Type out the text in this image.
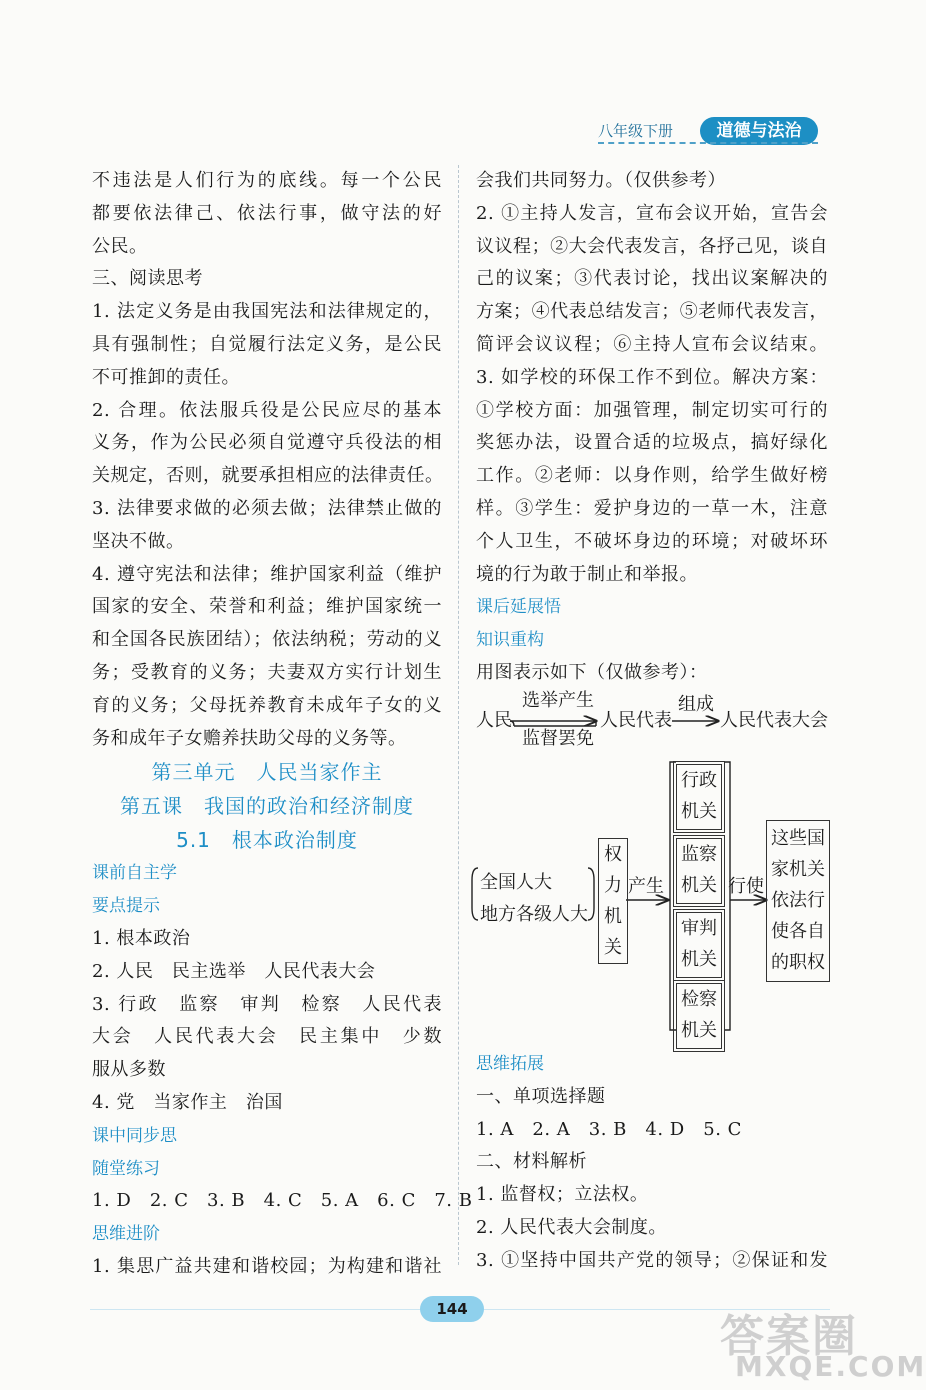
八年级下册	道德与法治
不违法是人们行为的底线。每一个公民
都要依法律己、依法行事，做守法的好
公民。
三、阅读思考
1. 法定义务是由我国宪法和法律规定的，
具有强制性；自觉履行法定义务，是公民
不可推卸的责任。
2. 合理。依法服兵役是公民应尽的基本
义务，作为公民必须自觉遵守兵役法的相
关规定，否则，就要承担相应的法律责任。
3. 法律要求做的必须去做；法律禁止做的
坚决不做。
4. 遵守宪法和法律；维护国家利益（维护
国家的安全、荣誉和利益；维护国家统一
和全国各民族团结）；依法纳税；劳动的义
务；受教育的义务；夫妻双方实行计划生
育的义务；父母抚养教育未成年子女的义
务和成年子女赡养扶助父母的义务等。
第三单元　人民当家作主
第五课　我国的政治和经济制度
5.1　根本政治制度
课前自主学
要点提示
1. 根本政治
2. 人民　民主选举　人民代表大会
3. 行政　监察　审判　检察　人民代表
大会　人民代表大会　民主集中　少数
服从多数
4. 党　当家作主　治国
课中同步思
随堂练习
1. D　2. C　3. B　4. C　5. A　6. C　7. B
思维进阶
1. 集思广益共建和谐校园；为构建和谐社
会我们共同努力。（仅供参考）
2. ①主持人发言，宣布会议开始，宣告会
议议程；②大会代表发言，各抒己见，谈自
己的议案；③代表讨论，找出议案解决的
方案；④代表总结发言；⑤老师代表发言，
简评会议议程；⑥主持人宣布会议结束。
3. 如学校的环保工作不到位。解决方案：
①学校方面：加强管理，制定切实可行的
奖惩办法，设置合适的垃圾点，搞好绿化
工作。②老师：以身作则，给学生做好榜
样。③学生：爱护身边的一草一木，注意
个人卫生，不破坏身边的环境；对破坏环
境的行为敢于制止和举报。
课后延展悟
知识重构
用图表示如下（仅做参考）：
人民
选举产生
监督罢免
人民代表
组成
人民代表大会
全国人大
地方各级人大
权
力
机
关
产生
行政
机关
监察
机关
审判
机关
检察
机关
行使
这些国
家机关
依法行
使各自
的职权
思维拓展
一、单项选择题
1. A　2. A　3. B　4. D　5. C
二、材料解析
1. 监督权；立法权。
2. 人民代表大会制度。
3. ①坚持中国共产党的领导；②保证和发
144
答案圈
MXQE.COM
